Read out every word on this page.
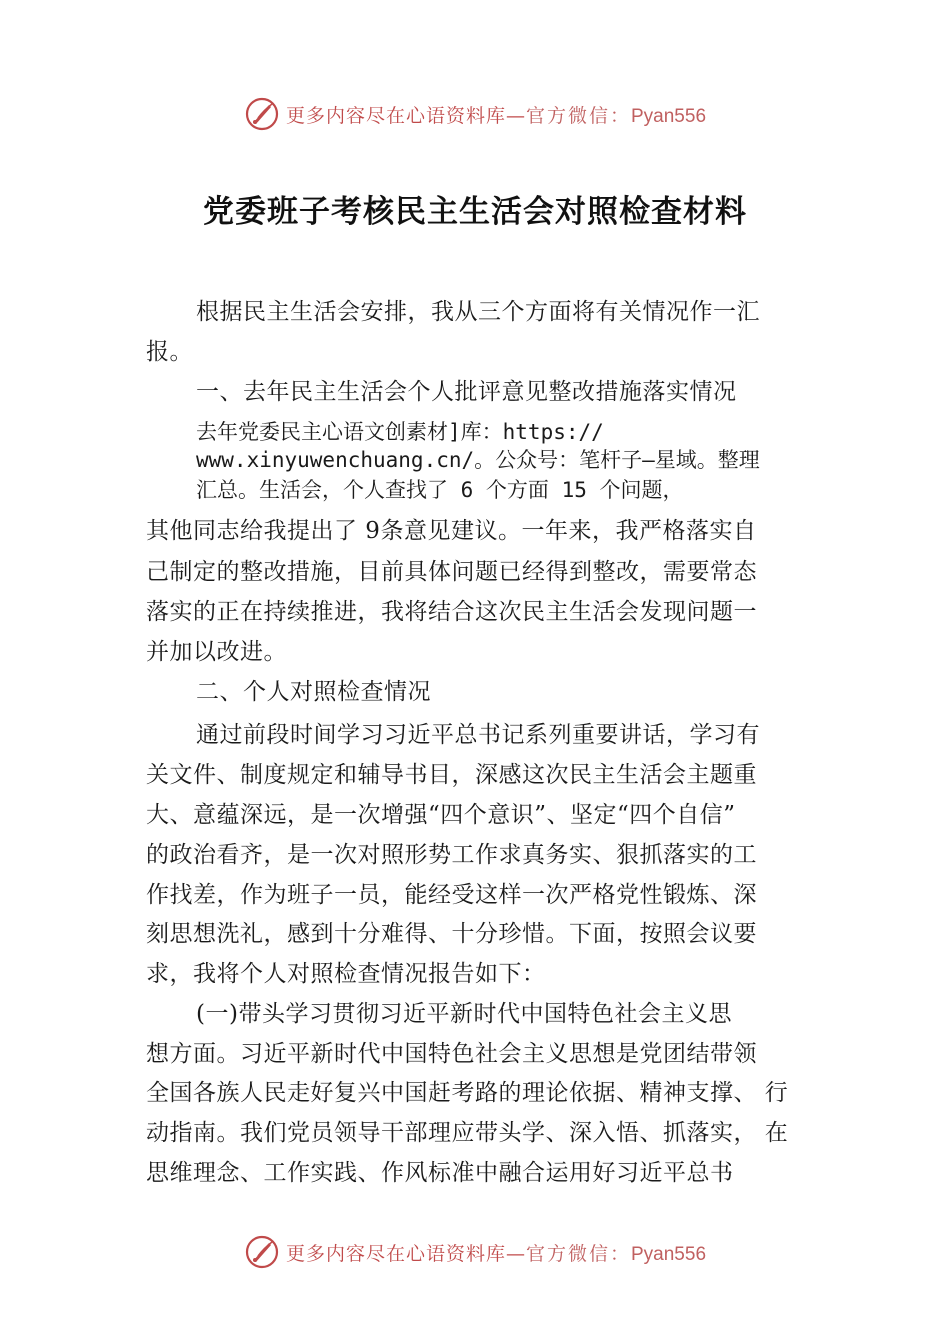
更多内容尽在心语资料库—官方微信：Pyan556
党委班子考核民主生活会对照检查材料
根据民主生活会安排，我从三个方面将有关情况作一汇
报。
一、去年民主生活会个人批评意见整改措施落实情况
去年党委民主心语文创素材]库：https://
www.xinyuwenchuang.cn/。公众号：笔杆子—星域。整理
汇总。生活会，个人查找了 6 个方面 15 个问题，
其他同志给我提出了 9条意见建议。一年来，我严格落实自
己制定的整改措施，目前具体问题已经得到整改，需要常态
落实的正在持续推进，我将结合这次民主生活会发现问题一
并加以改进。
二、个人对照检查情况
通过前段时间学习习近平总书记系列重要讲话，学习有
关文件、制度规定和辅导书目，深感这次民主生活会主题重
大、意蕴深远，是一次增强“四个意识”、坚定“四个自信”
的政治看齐，是一次对照形势工作求真务实、狠抓落实的工
作找差，作为班子一员，能经受这样一次严格党性锻炼、深
刻思想洗礼，感到十分难得、十分珍惜。下面，按照会议要
求，我将个人对照检查情况报告如下：
(一)带头学习贯彻习近平新时代中国特色社会主义思
想方面。习近平新时代中国特色社会主义思想是党团结带领
全国各族人民走好复兴中国赶考路的理论依据、精神支撑、 行
动指南。我们党员领导干部理应带头学、深入悟、抓落实， 在
思维理念、工作实践、作风标准中融合运用好习近平总书
更多内容尽在心语资料库—官方微信：Pyan556
